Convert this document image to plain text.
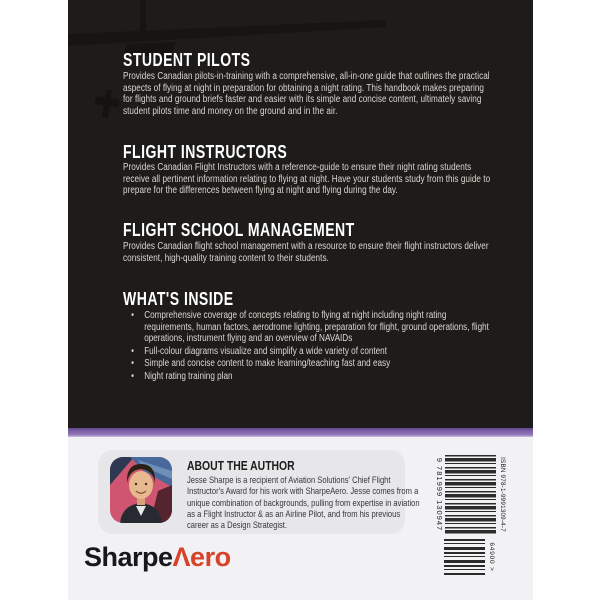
STUDENT PILOTS

Provides Canadian pilots-in-training with a comprehensive, all-in-one guide that outlines the practical aspects of flying at night in preparation for obtaining a night rating. This handbook makes preparing for flights and ground briefs faster and easier with its simple and concise content, ultimately saving student pilots time and money on the ground and in the air.

FLIGHT INSTRUCTORS

Provides Canadian Flight Instructors with a reference-guide to ensure their night rating students receive all pertinent information relating to flying at night. Have your students study from this guide to prepare for the differences between flying at night and flying during the day.

FLIGHT SCHOOL MANAGEMENT

Provides Canadian flight school management with a resource to ensure their flight instructors deliver consistent, high-quality training content to their students.

WHAT'S INSIDE
•	Comprehensive coverage of concepts relating to flying at night including night rating requirements, human factors, aerodrome lighting, preparation for flight, ground operations, flight operations, instrument flying and an overview of NAVAIDs
•	Full-colour diagrams visualize and simplify a wide variety of content
•	Simple and concise content to make learning/teaching fast and easy
•	Night rating training plan
ABOUT THE AUTHOR

Jesse Sharpe is a recipient of Aviation Solutions' Chief Flight Instructor's Award for his work with SharpeAero. Jesse comes from a unique combination of backgrounds, pulling from expertise in aviation as a Flight Instructor & as an Airline Pilot, and from his previous career as a Design Strategist.	ISBN 978-1-9991309-4-7
9 781999 130947
64900 >
SharpeΛero
